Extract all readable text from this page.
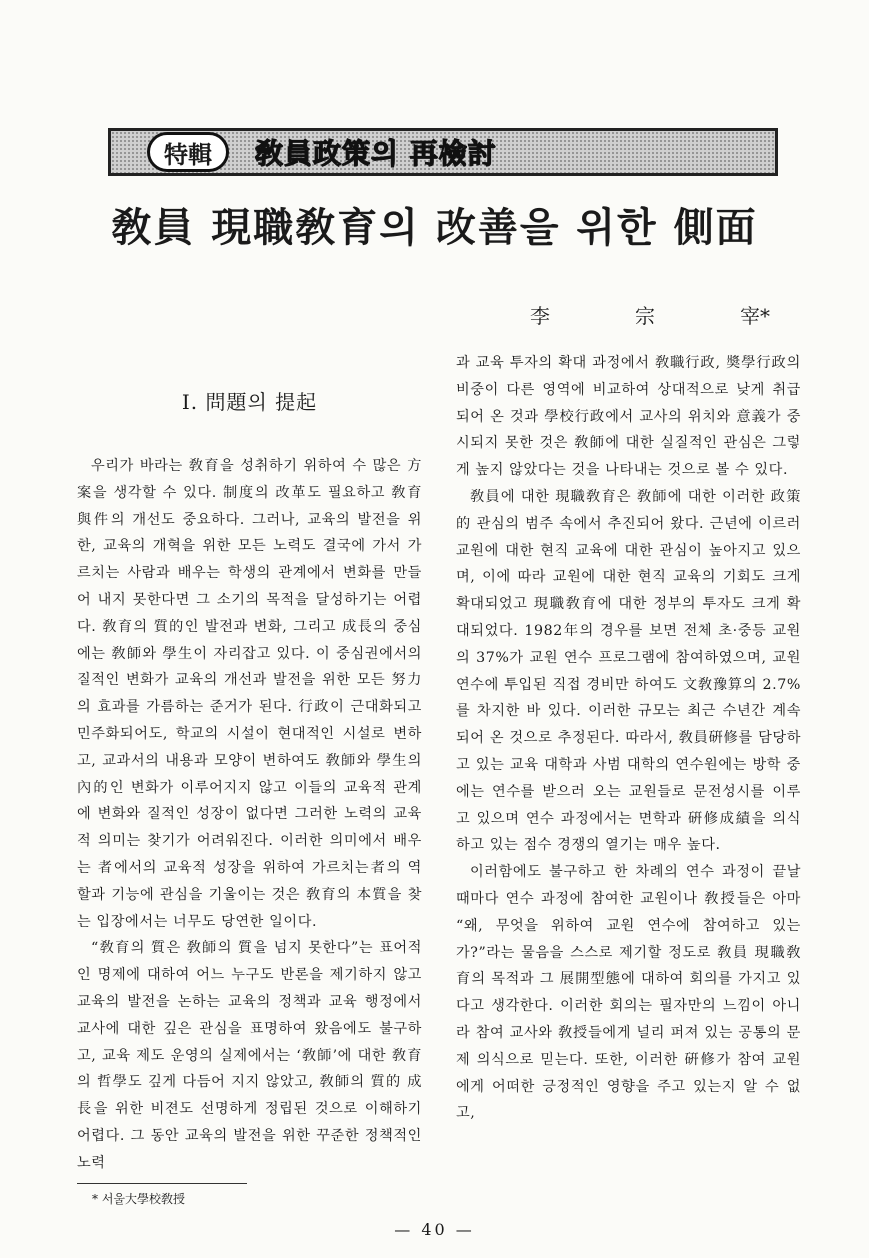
特輯	敎員政策의 再檢討
敎員 現職敎育의 改善을 위한 側面
李	宗	宰*
I. 問題의 提起

우리가 바라는 敎育을 성취하기 위하여 수 많은 方案을 생각할 수 있다. 制度의 改革도 필요하고 敎育與件의 개선도 중요하다. 그러나, 교육의 발전을 위한, 교육의 개혁을 위한 모든 노력도 결국에 가서 가르치는 사람과 배우는 학생의 관계에서 변화를 만들어 내지 못한다면 그 소기의 목적을 달성하기는 어렵다. 敎育의 質的인 발전과 변화, 그리고 成長의 중심에는 敎師와 學生이 자리잡고 있다. 이 중심권에서의 질적인 변화가 교육의 개선과 발전을 위한 모든 努力의 효과를 가름하는 준거가 된다. 行政이 근대화되고 민주화되어도, 학교의 시설이 현대적인 시설로 변하고, 교과서의 내용과 모양이 변하여도 敎師와 學生의 內的인 변화가 이루어지지 않고 이들의 교육적 관계에 변화와 질적인 성장이 없다면 그러한 노력의 교육적 의미는 찾기가 어려워진다. 이러한 의미에서 배우는 者에서의 교육적 성장을 위하여 가르치는者의 역할과 기능에 관심을 기울이는 것은 敎育의 本質을 찾는 입장에서는 너무도 당연한 일이다.

“敎育의 質은 敎師의 質을 넘지 못한다”는 표어적인 명제에 대하여 어느 누구도 반론을 제기하지 않고 교육의 발전을 논하는 교육의 정책과 교육 행정에서 교사에 대한 깊은 관심을 표명하여 왔음에도 불구하고, 교육 제도 운영의 실제에서는 ‘敎師’에 대한 敎育의 哲學도 깊게 다듬어 지지 않았고, 敎師의 質的 成長을 위한 비젼도 선명하게 정립된 것으로 이해하기 어렵다. 그 동안 교육의 발전을 위한 꾸준한 정책적인 노력

과 교육 투자의 확대 과정에서 敎職行政, 奬學行政의 비중이 다른 영역에 비교하여 상대적으로 낮게 취급되어 온 것과 學校行政에서 교사의 위치와 意義가 중시되지 못한 것은 敎師에 대한 실질적인 관심은 그렇게 높지 않았다는 것을 나타내는 것으로 볼 수 있다.

敎員에 대한 現職敎育은 敎師에 대한 이러한 政策的 관심의 범주 속에서 추진되어 왔다. 근년에 이르러 교원에 대한 현직 교육에 대한 관심이 높아지고 있으며, 이에 따라 교원에 대한 현직 교육의 기회도 크게 확대되었고 現職敎育에 대한 정부의 투자도 크게 확대되었다. 1982年의 경우를 보면 전체 초·중등 교원의 37%가 교원 연수 프로그램에 참여하였으며, 교원 연수에 투입된 직접 경비만 하여도 文敎豫算의 2.7%를 차지한 바 있다. 이러한 규모는 최근 수년간 계속되어 온 것으로 추정된다. 따라서, 敎員硏修를 담당하고 있는 교육 대학과 사범 대학의 연수원에는 방학 중에는 연수를 받으러 오는 교원들로 문전성시를 이루고 있으며 연수 과정에서는 면학과 硏修成績을 의식하고 있는 점수 경쟁의 열기는 매우 높다.

이러함에도 불구하고 한 차례의 연수 과정이 끝날 때마다 연수 과정에 참여한 교원이나 敎授들은 아마 “왜, 무엇을 위하여 교원 연수에 참여하고 있는가?”라는 물음을 스스로 제기할 정도로 敎員 現職敎育의 목적과 그 展開型態에 대하여 회의를 가지고 있다고 생각한다. 이러한 회의는 필자만의 느낌이 아니라 참여 교사와 敎授들에게 널리 퍼져 있는 공통의 문제 의식으로 믿는다. 또한, 이러한 硏修가 참여 교원에게 어떠한 긍정적인 영향을 주고 있는지 알 수 없고,

* 서울大學校敎授
— 40 —
